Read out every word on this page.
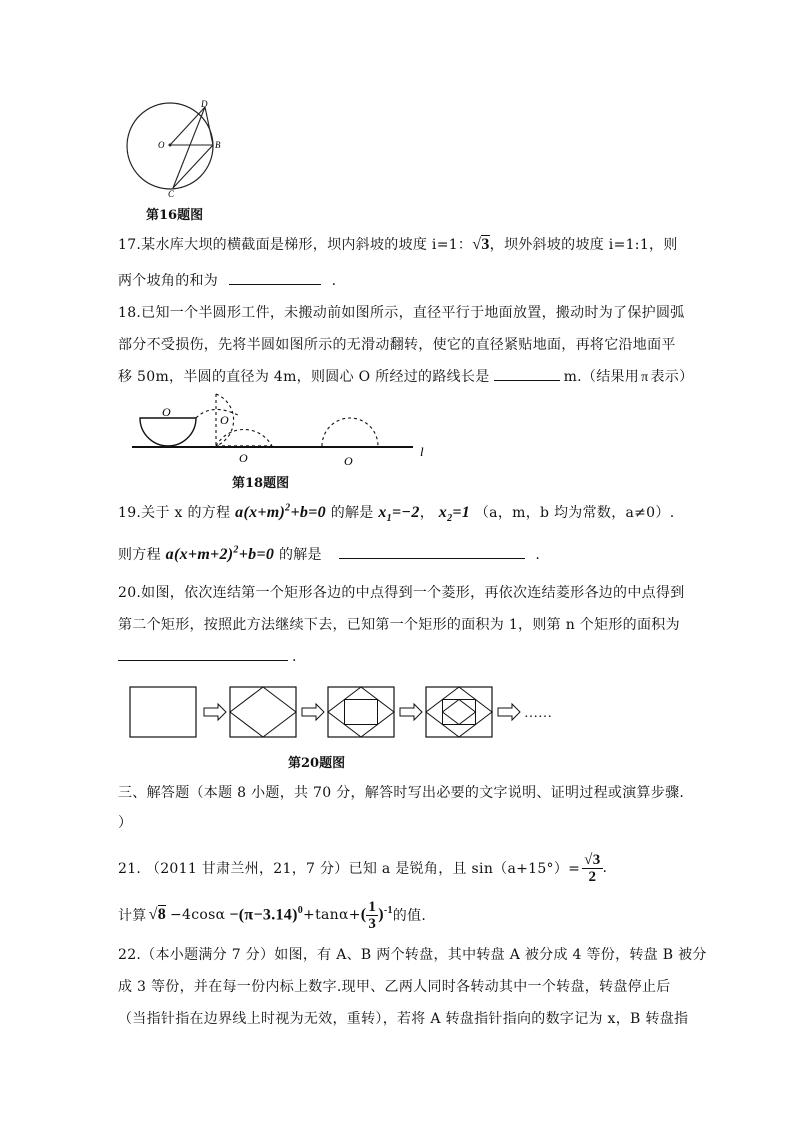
D
O	B
C
第16题图
17.某水库大坝的横截面是梯形，坝内斜坡的坡度 i=1：√3，坝外斜坡的坡度 i=1:1，则
两个坡角的和为	.
18.已知一个半圆形工件，未搬动前如图所示，直径平行于地面放置，搬动时为了保护圆弧
部分不受损伤，先将半圆如图所示的无滑动翻转，使它的直径紧贴地面，再将它沿地面平
移 50m，半圆的直径为 4m，则圆心 O 所经过的路线长是	m.（结果用 π 表示）
O
O
O	O
l
第18题图
19.关于 x 的方程 $a(x+m)^2+b=0$ 的解是 $x_1=-2$， $x_2=1$ （a，m，b 均为常数，a≠0）.
则方程 $a(x+m+2)^2+b=0$ 的解是	.
20.如图，依次连结第一个矩形各边的中点得到一个菱形，再依次连结菱形各边的中点得到
第二个矩形，按照此方法继续下去，已知第一个矩形的面积为 1，则第 n 个矩形的面积为
.
……
第20题图
三、解答题（本题 8 小题，共 70 分，解答时写出必要的文字说明、证明过程或演算步骤.
）
21. （2011 甘肃兰州，21，7 分）已知 a 是锐角，且 $\sin(a+15^\circ)= \frac{√3}{2}$ .
计算 $√8 -4\cos\alpha -(\pi-3.14)^0 +\tan\alpha+$ ( $\frac{1}{3} )^{-1}$ 的值.
22.（本小题满分 7 分）如图，有 A、B 两个转盘，其中转盘 A 被分成 4 等份，转盘 B 被分
成 3 等份，并在每一份内标上数字.现甲、乙两人同时各转动其中一个转盘，转盘停止后
（当指针指在边界线上时视为无效，重转），若将 A 转盘指针指向的数字记为 x，B 转盘指
